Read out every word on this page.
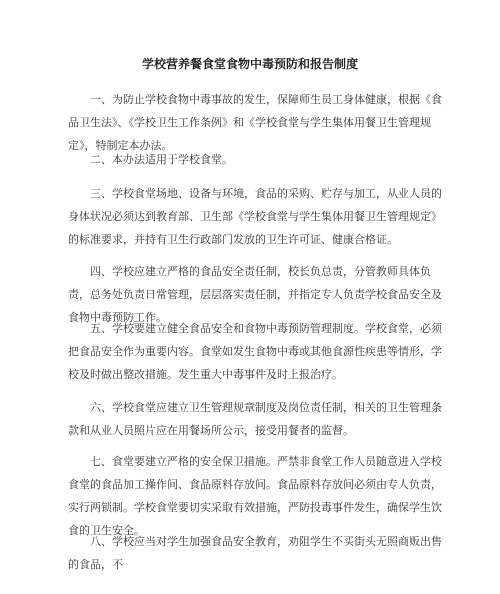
学校营养餐食堂食物中毒预防和报告制度

一、为防止学校食物中毒事故的发生，保障师生员工身体健康，根据《食品卫生法》、《学校卫生工作条例》和《学校食堂与学生集体用餐卫生管理规定》，特制定本办法。

二、本办法适用于学校食堂。

三、学校食堂场地、设备与环境，食品的采购、贮存与加工，从业人员的身体状况必须达到教育部、卫生部《学校食堂与学生集体用餐卫生管理规定》的标准要求，并持有卫生行政部门发放的卫生许可证、健康合格证。

四、学校应建立严格的食品安全责任制，校长负总责，分管教师具体负责，总务处负责日常管理，层层落实责任制，并指定专人负责学校食品安全及食物中毒预防工作。

五、学校要建立健全食品安全和食物中毒预防管理制度。学校食堂，必须把食品安全作为重要内容。食堂如发生食物中毒或其他食源性疾患等情形，学校及时做出整改措施。发生重大中毒事件及时上报治疗。

六、学校食堂应建立卫生管理规章制度及岗位责任制，相关的卫生管理条款和从业人员照片应在用餐场所公示，接受用餐者的监督。

七、食堂要建立严格的安全保卫措施。严禁非食堂工作人员随意进入学校食堂的食品加工操作间、食品原料存放间。食品原料存放间必须由专人负责，实行两锁制。学校食堂要切实采取有效措施，严防投毒事件发生，确保学生饮食的卫生安全。

八、学校应当对学生加强食品安全教育，劝阻学生不买街头无照商贩出售的食品，不
